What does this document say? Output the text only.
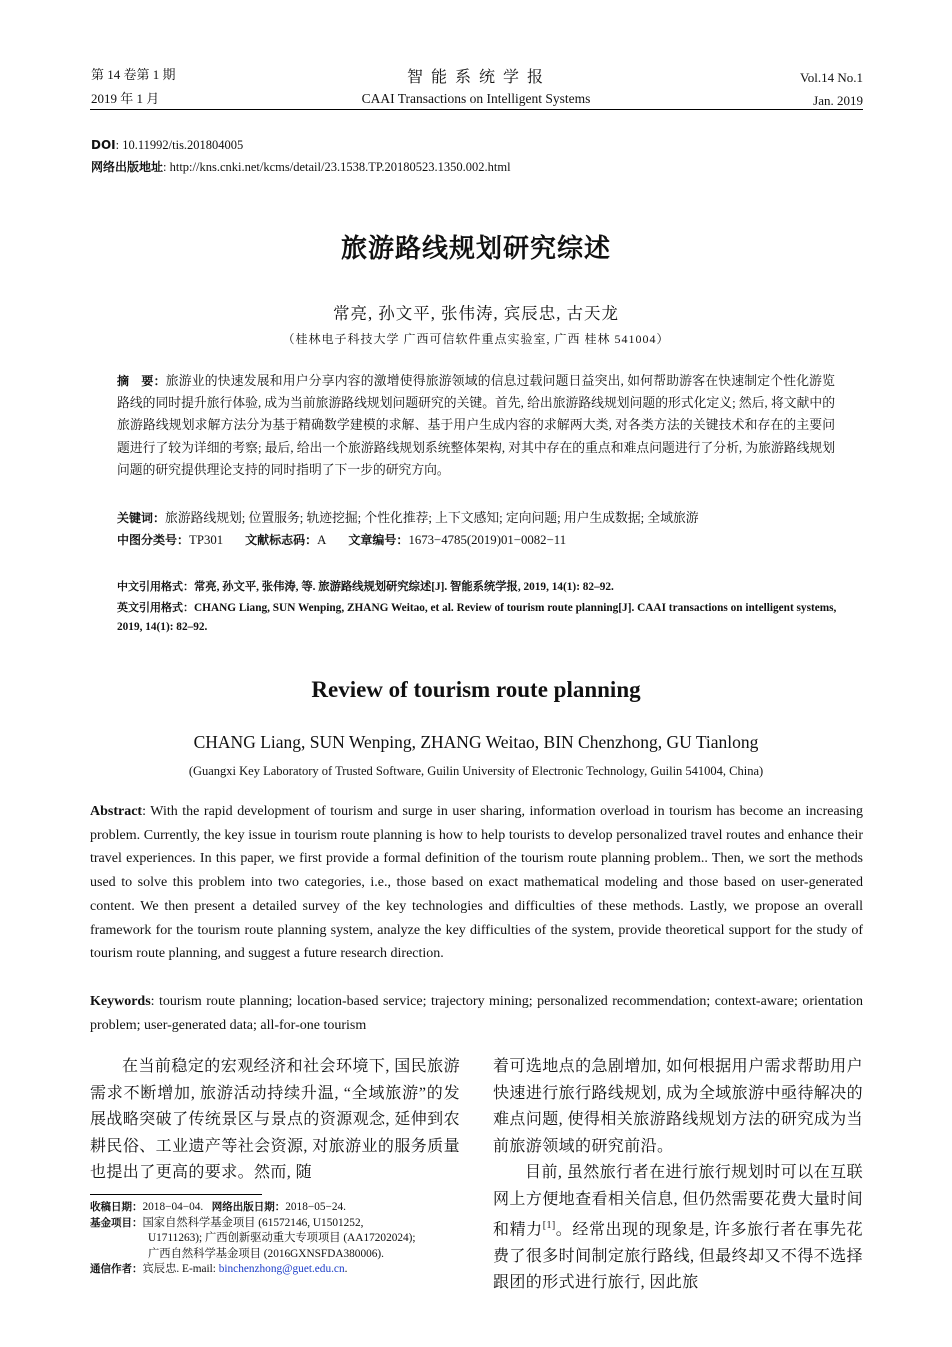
第 14 卷第 1 期
2019 年 1 月
智 能 系 统 学 报
CAAI Transactions on Intelligent Systems
Vol.14 No.1
Jan. 2019
DOI: 10.11992/tis.201804005
网络出版地址: http://kns.cnki.net/kcms/detail/23.1538.TP.20180523.1350.002.html
旅游路线规划研究综述
常亮, 孙文平, 张伟涛, 宾辰忠, 古天龙
（桂林电子科技大学 广西可信软件重点实验室, 广西 桂林 541004）
摘　要：旅游业的快速发展和用户分享内容的激增使得旅游领域的信息过载问题日益突出, 如何帮助游客在快速制定个性化游览路线的同时提升旅行体验, 成为当前旅游路线规划问题研究的关键。首先, 给出旅游路线规划问题的形式化定义; 然后, 将文献中的旅游路线规划求解方法分为基于精确数学建模的求解、基于用户生成内容的求解两大类, 对各类方法的关键技术和存在的主要问题进行了较为详细的考察; 最后, 给出一个旅游路线规划系统整体架构, 对其中存在的重点和难点问题进行了分析, 为旅游路线规划问题的研究提供理论支持的同时指明了下一步的研究方向。
关键词：旅游路线规划; 位置服务; 轨迹挖掘; 个性化推荐; 上下文感知; 定向问题; 用户生成数据; 全域旅游
中图分类号：TP301 文献标志码：A 文章编号：1673−4785(2019)01−0082−11
中文引用格式：常亮, 孙文平, 张伟涛, 等. 旅游路线规划研究综述[J]. 智能系统学报, 2019, 14(1): 82–92.
英文引用格式：CHANG Liang, SUN Wenping, ZHANG Weitao, et al. Review of tourism route planning[J]. CAAI transactions on intelligent systems, 2019, 14(1): 82–92.
Review of tourism route planning
CHANG Liang, SUN Wenping, ZHANG Weitao, BIN Chenzhong, GU Tianlong
(Guangxi Key Laboratory of Trusted Software, Guilin University of Electronic Technology, Guilin 541004, China)
Abstract: With the rapid development of tourism and surge in user sharing, information overload in tourism has become an increasing problem. Currently, the key issue in tourism route planning is how to help tourists to develop personalized travel routes and enhance their travel experiences. In this paper, we first provide a formal definition of the tourism route planning problem.. Then, we sort the methods used to solve this problem into two categories, i.e., those based on exact mathematical modeling and those based on user-generated content. We then present a detailed survey of the key technologies and difficulties of these methods. Lastly, we propose an overall framework for the tourism route planning system, analyze the key difficulties of the system, provide theoretical support for the study of tourism route planning, and suggest a future research direction.
Keywords: tourism route planning; location-based service; trajectory mining; personalized recommendation; context-aware; orientation problem; user-generated data; all-for-one tourism

在当前稳定的宏观经济和社会环境下, 国民旅游需求不断增加, 旅游活动持续升温, “全域旅游”的发展战略突破了传统景区与景点的资源观念, 延伸到农耕民俗、工业遗产等社会资源, 对旅游业的服务质量也提出了更高的要求。然而, 随

着可选地点的急剧增加, 如何根据用户需求帮助用户快速进行旅行路线规划, 成为全域旅游中亟待解决的难点问题, 使得相关旅游路线规划方法的研究成为当前旅游领域的研究前沿。

目前, 虽然旅行者在进行旅行规划时可以在互联网上方便地查看相关信息, 但仍然需要花费大量时间和精力[1]。经常出现的现象是, 许多旅行者在事先花费了很多时间制定旅行路线, 但最终却又不得不选择跟团的形式进行旅行, 因此旅

收稿日期：2018−04−04. 网络出版日期：2018−05−24.
基金项目：国家自然科学基金项目 (61572146, U1501252,
U1711263); 广西创新驱动重大专项项目 (AA17202024);
广西自然科学基金项目 (2016GXNSFDA380006).
通信作者：宾辰忠. E-mail: binchenzhong@guet.edu.cn.
